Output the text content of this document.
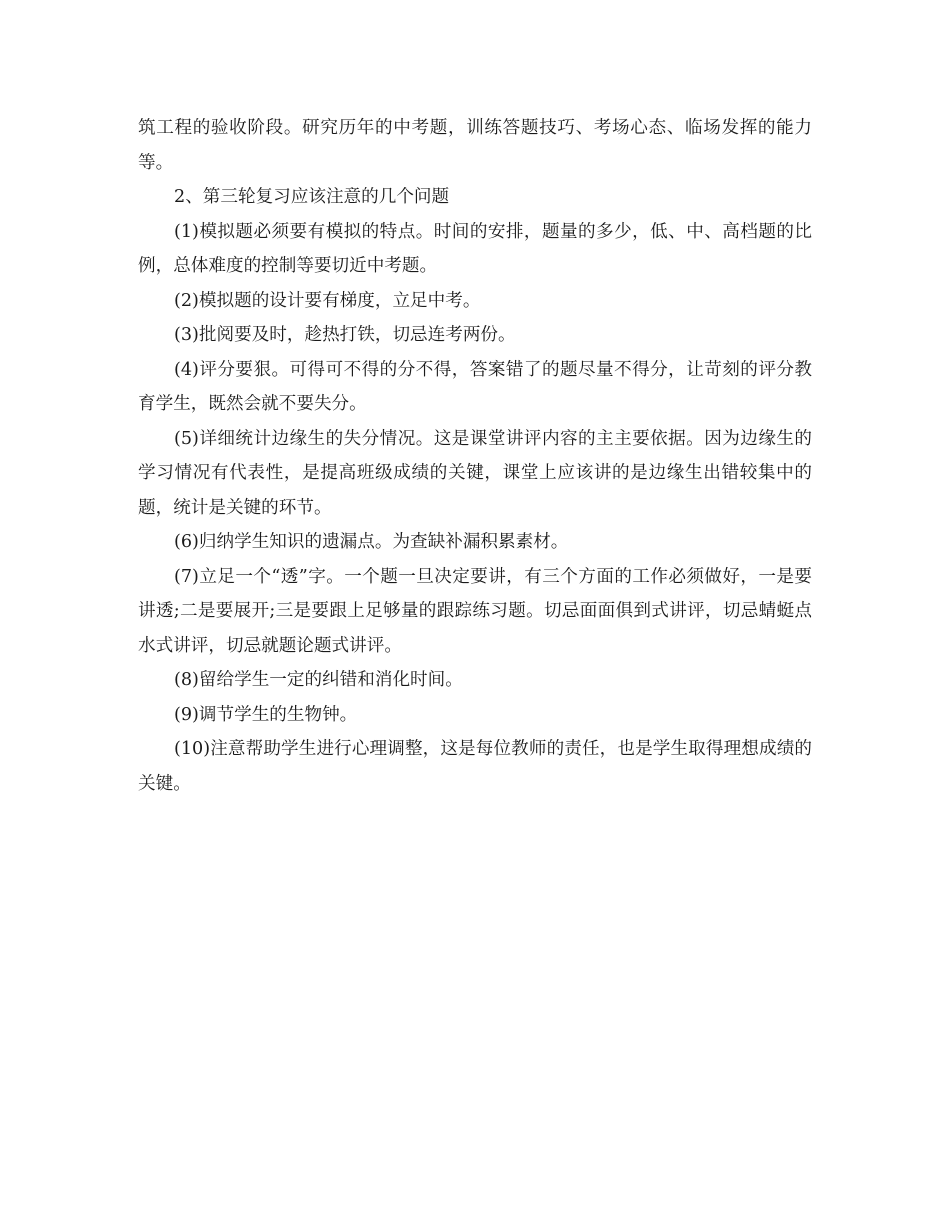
筑工程的验收阶段。研究历年的中考题，训练答题技巧、考场心态、临场发挥的能力等。

2、第三轮复习应该注意的几个问题

(1)模拟题必须要有模拟的特点。时间的安排，题量的多少，低、中、高档题的比例，总体难度的控制等要切近中考题。

(2)模拟题的设计要有梯度，立足中考。

(3)批阅要及时，趁热打铁，切忌连考两份。

(4)评分要狠。可得可不得的分不得，答案错了的题尽量不得分，让苛刻的评分教育学生，既然会就不要失分。

(5)详细统计边缘生的失分情况。这是课堂讲评内容的主主要依据。因为边缘生的学习情况有代表性，是提高班级成绩的关键，课堂上应该讲的是边缘生出错较集中的题，统计是关键的环节。

(6)归纳学生知识的遗漏点。为查缺补漏积累素材。

(7)立足一个“透”字。一个题一旦决定要讲，有三个方面的工作必须做好，一是要讲透;二是要展开;三是要跟上足够量的跟踪练习题。切忌面面俱到式讲评，切忌蜻蜓点水式讲评，切忌就题论题式讲评。

(8)留给学生一定的纠错和消化时间。

(9)调节学生的生物钟。

(10)注意帮助学生进行心理调整，这是每位教师的责任，也是学生取得理想成绩的关键。
